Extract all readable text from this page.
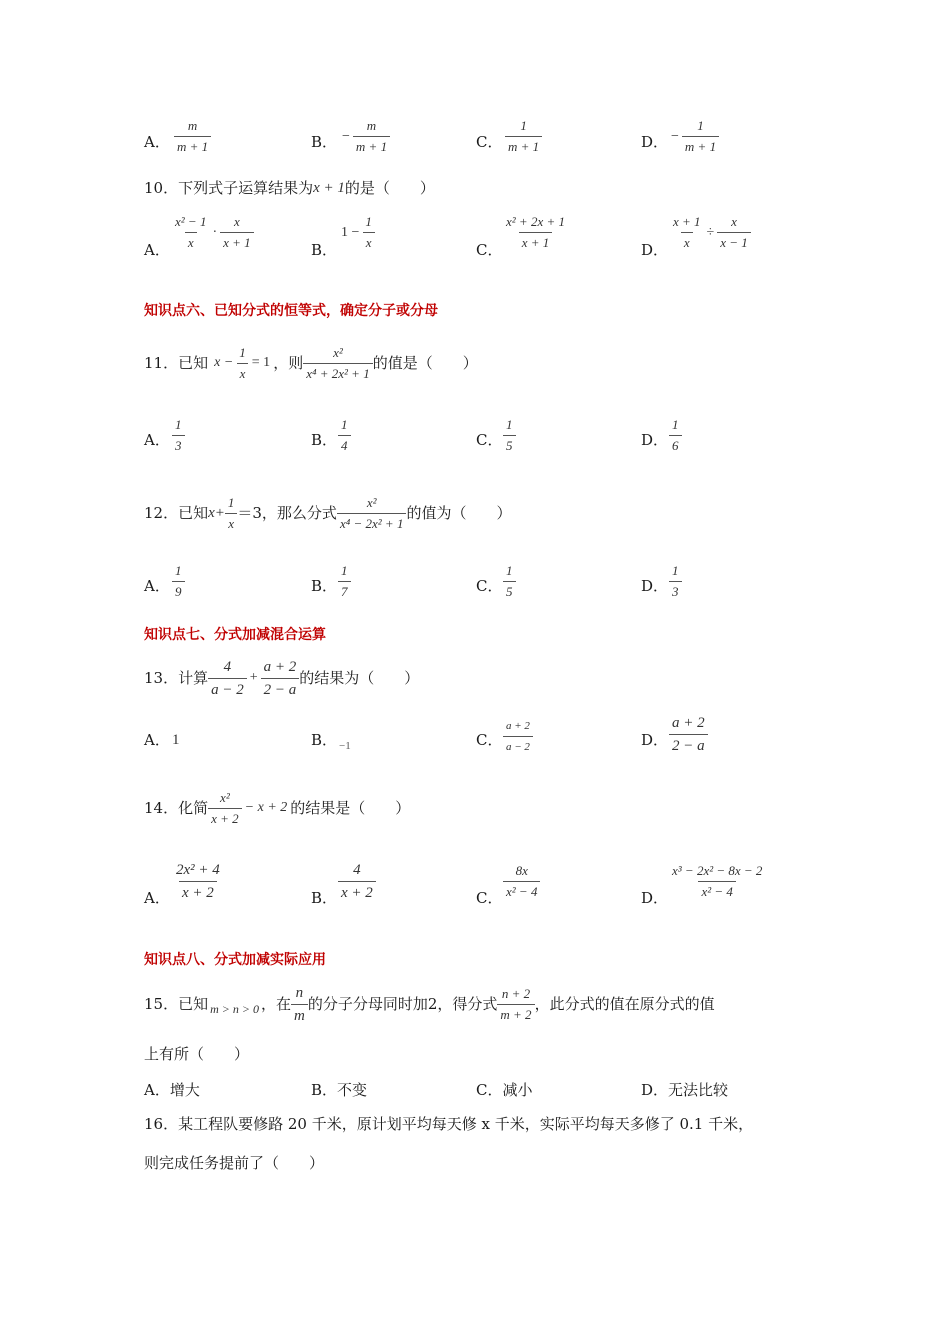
A． $\frac{m}{m + 1}$	B． − $\frac{m}{m + 1}$	C． $\frac{1}{m + 1}$	D． − $\frac{1}{m + 1}$
10． 下列式子运算结果为 x + 1 的是（　　）
A． $\frac{\text{x² − 1}}{x} \cdot \frac{x}{x + 1}$	B．
$1 - \frac{1}{x}$	C． $\frac{\text{x² + 2x + 1}}{x + 1}$	D． $\frac{x + 1}{x} \div \frac{x}{x - 1}$
知识点六、已知分式的恒等式，确定分子或分母
11． 已知 $x - \frac{1}{x} = 1$ ，则 $\frac{\text{x²}}{\text{x⁴ + 2x² + 1}}$ 的值是（　　）
A． $\frac{1}{3}$	B． $\frac{1}{4}$	C． $\frac{1}{5}$	D． $\frac{1}{6}$
12． 已知 $x+ \frac{1}{x} =3$，那么分式 $\frac{\text{x²}}{\text{x⁴ − 2x² + 1}}$ 的值为（　　）
A． $\frac{1}{9}$	B． $\frac{1}{7}$	C． $\frac{1}{5}$	D． $\frac{1}{3}$
知识点七、分式加减混合运算
13． 计算 $\frac{4}{a - 2} + \frac{a + 2}{2 - a}$ 的结果为（　　）
A． 1	B． −1	C． $\frac{a + 2}{a - 2}$	D． $\frac{a + 2}{2 - a}$
14． 化简 $\frac{\text{x²}}{x + 2} - x + 2$ 的结果是（　　）
A． $\frac{\text{2x² + 4}}{x + 2}$	B． $\frac{4}{x + 2}$	C． $\frac{8x}{\text{x² − 4}}$	D． $\frac{\text{x³ − 2x² − 8x − 2}}{\text{x² − 4}}$
知识点八、分式加减实际应用
15． 已知 m > n > 0 ，在 $\frac{n}{m}$ 的分子分母同时加2，得分式 $\frac{n + 2}{m + 2}$ ，此分式的值在原分式的值
上有所（　　）
A．增大	B．不变	C．减小	D．无法比较
16． 某工程队要修路 20 千米，原计划平均每天修 x 千米，实际平均每天多修了 0.1 千米，
则完成任务提前了（　　）
